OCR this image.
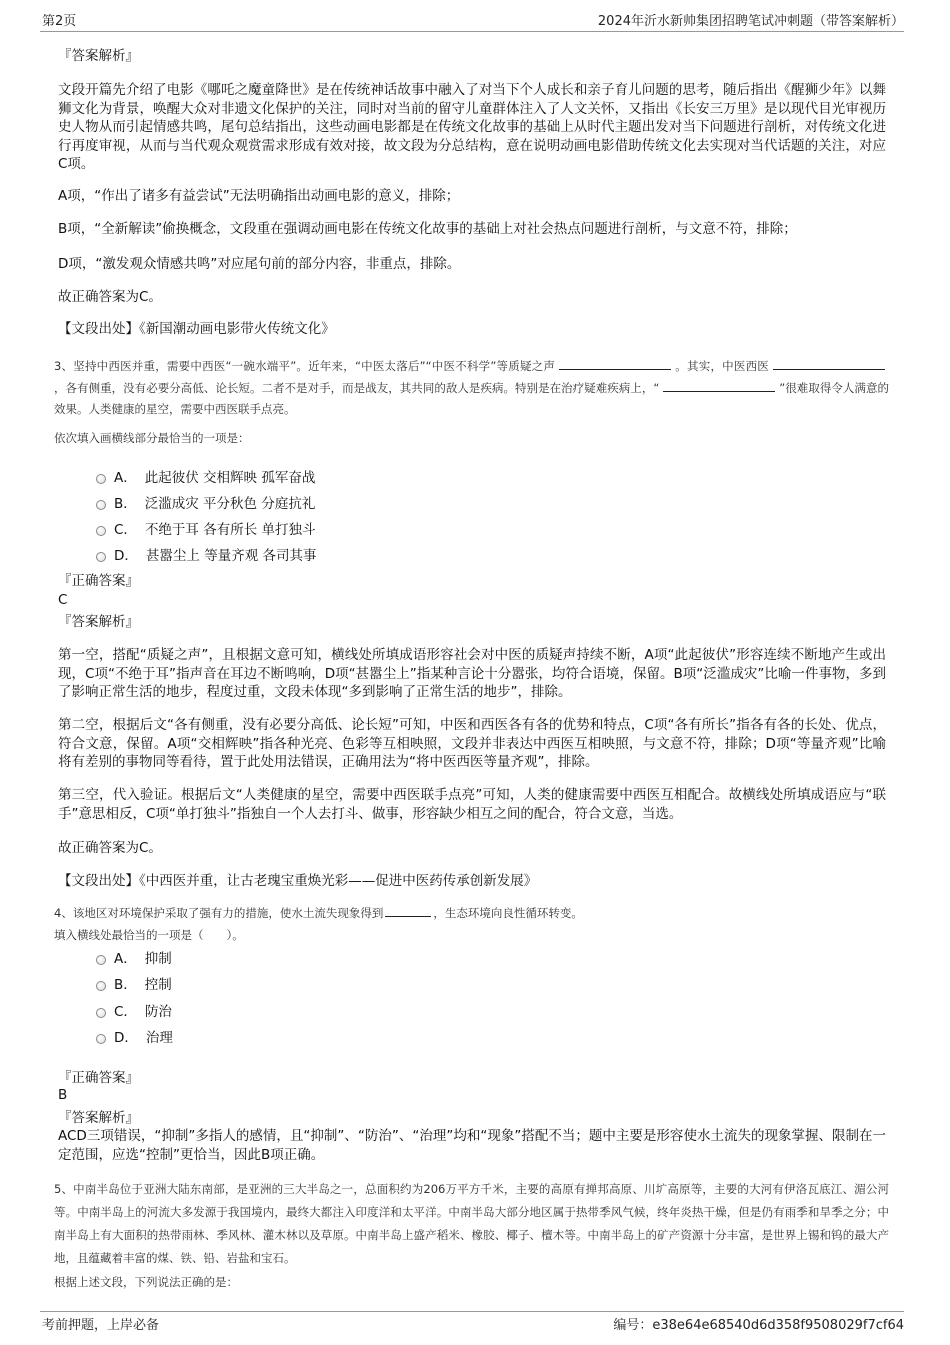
第2页	2024年沂水新帅集团招聘笔试冲刺题（带答案解析）
『答案解析』
文段开篇先介绍了电影《哪吒之魔童降世》是在传统神话故事中融入了对当下个人成长和亲子育儿问题的思考，随后指出《醒狮少年》以舞狮文化为背景，唤醒大众对非遗文化保护的关注，同时对当前的留守儿童群体注入了人文关怀，又指出《长安三万里》是以现代目光审视历史人物从而引起情感共鸣，尾句总结指出，这些动画电影都是在传统文化故事的基础上从时代主题出发对当下问题进行剖析，对传统文化进行再度审视，从而与当代观众观赏需求形成有效对接，故文段为分总结构，意在说明动画电影借助传统文化去实现对当代话题的关注，对应C项。
A项，“作出了诸多有益尝试”无法明确指出动画电影的意义，排除；
B项，“全新解读”偷换概念，文段重在强调动画电影在传统文化故事的基础上对社会热点问题进行剖析，与文意不符，排除；
D项，“激发观众情感共鸣”对应尾句前的部分内容，非重点，排除。
故正确答案为C。
【文段出处】《新国潮动画电影带火传统文化》
3、坚持中西医并重，需要中西医“一碗水端平”。近年来，“中医太落后”“中医不科学”等质疑之声	。其实，中医西医，各有侧重，没有必要分高低、论长短。二者不是对手，而是战友，其共同的敌人是疾病。特别是在治疗疑难疾病上，“	”很难取得令人满意的效果。人类健康的星空，需要中西医联手点亮。
依次填入画横线部分最恰当的一项是：
A． 此起彼伏 交相辉映 孤军奋战
B． 泛滥成灾 平分秋色 分庭抗礼
C． 不绝于耳 各有所长 单打独斗
D． 甚嚣尘上 等量齐观 各司其事
『正确答案』
C
『答案解析』
第一空，搭配“质疑之声”，且根据文意可知，横线处所填成语形容社会对中医的质疑声持续不断，A项“此起彼伏”形容连续不断地产生或出现，C项“不绝于耳”指声音在耳边不断鸣响，D项“甚嚣尘上”指某种言论十分嚣张，均符合语境，保留。B项“泛滥成灾”比喻一件事物，多到了影响正常生活的地步，程度过重，文段未体现“多到影响了正常生活的地步”，排除。
第二空，根据后文“各有侧重，没有必要分高低、论长短”可知，中医和西医各有各的优势和特点，C项“各有所长”指各有各的长处、优点，符合文意，保留。A项“交相辉映”指各种光亮、色彩等互相映照，文段并非表达中西医互相映照，与文意不符，排除；D项“等量齐观”比喻将有差别的事物同等看待，置于此处用法错误，正确用法为“将中医西医等量齐观”，排除。
第三空，代入验证。根据后文“人类健康的星空，需要中西医联手点亮”可知，人类的健康需要中西医互相配合。故横线处所填成语应与“联手”意思相反，C项“单打独斗”指独自一个人去打斗、做事，形容缺少相互之间的配合，符合文意，当选。
故正确答案为C。
【文段出处】《中西医并重，让古老瑰宝重焕光彩——促进中医药传承创新发展》
4、该地区对环境保护采取了强有力的措施，使水土流失现象得到	，生态环境向良性循环转变。
填入横线处最恰当的一项是（　　）。
A． 抑制
B． 控制
C． 防治
D． 治理
『正确答案』
B
『答案解析』
ACD三项错误，“抑制”多指人的感情，且“抑制”、“防治”、“治理”均和“现象”搭配不当；题中主要是形容使水土流失的现象掌握、限制在一定范围，应选“控制”更恰当，因此B项正确。
5、中南半岛位于亚洲大陆东南部，是亚洲的三大半岛之一，总面积约为206万平方千米，主要的高原有掸邦高原、川圹高原等，主要的大河有伊洛瓦底江、湄公河等。中南半岛上的河流大多发源于我国境内，最终大都注入印度洋和太平洋。中南半岛大部分地区属于热带季风气候，终年炎热干燥，但是仍有雨季和旱季之分；中南半岛上有大面积的热带雨林、季风林、灌木林以及草原。中南半岛上盛产稻米、橡胶、椰子、檀木等。中南半岛上的矿产资源十分丰富，是世界上锡和钨的最大产地，且蕴藏着丰富的煤、铁、铅、岩盐和宝石。
根据上述文段，下列说法正确的是：
考前押题，上岸必备	编号：e38e64e68540d6d358f9508029f7cf64
